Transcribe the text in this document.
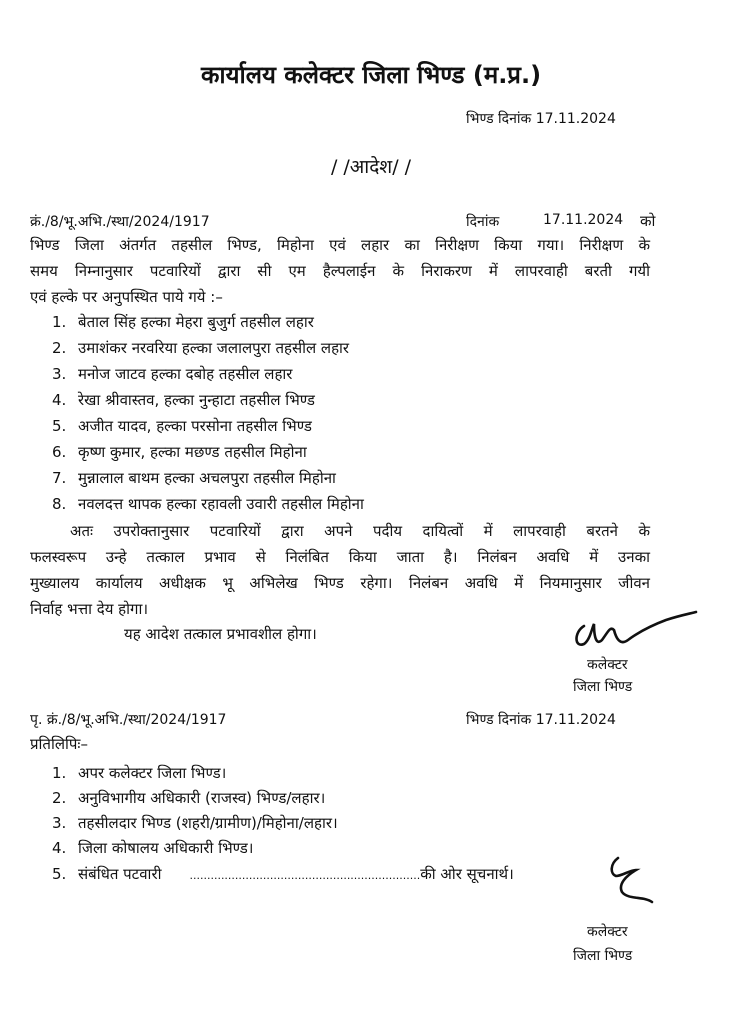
कार्यालय कलेक्टर जिला भिण्ड (म.प्र.)
भिण्ड दिनांक 17.11.2024
/ /आदेश/ /
क्रं./8/भू.अभि./स्था/2024/1917	दिनांक	17.11.2024 को
भिण्ड जिला अंतर्गत तहसील भिण्ड, मिहोना एवं लहार का निरीक्षण किया गया। निरीक्षण के
समय निम्नानुसार पटवारियों द्वारा सी एम हैल्पलाईन के निराकरण में लापरवाही बरती गयी
एवं हल्के पर अनुपस्थित पाये गये :–
1. बेताल सिंह हल्का मेहरा बुजुर्ग तहसील लहार
2. उमाशंकर नरवरिया हल्का जलालपुरा तहसील लहार
3. मनोज जाटव हल्का दबोह तहसील लहार
4. रेखा श्रीवास्तव, हल्का नुन्हाटा तहसील भिण्ड
5. अजीत यादव, हल्का परसोना तहसील भिण्ड
6. कृष्ण कुमार, हल्का मछण्ड तहसील मिहोना
7. मुन्नालाल बाथम हल्का अचलपुरा तहसील मिहोना
8. नवलदत्त थापक हल्का रहावली उवारी तहसील मिहोना
अतः उपरोक्तानुसार पटवारियों द्वारा अपने पदीय दायित्वों में लापरवाही बरतने के
फलस्वरूप उन्हे तत्काल प्रभाव से निलंबित किया जाता है। निलंबन अवधि में उनका
मुख्यालय कार्यालय अधीक्षक भू अभिलेख भिण्ड रहेगा। निलंबन अवधि में नियमानुसार जीवन
निर्वाह भत्ता देय होगा।
यह आदेश तत्काल प्रभावशील होगा।
कलेक्टर
जिला भिण्ड
पृ. क्रं./8/भू.अभि./स्था/2024/1917	भिण्ड दिनांक 17.11.2024
प्रतिलिपिः–
1. अपर कलेक्टर जिला भिण्ड।
2. अनुविभागीय अधिकारी (राजस्व) भिण्ड/लहार।
3. तहसीलदार भिण्ड (शहरी/ग्रामीण)/मिहोना/लहार।
4. जिला कोषालय अधिकारी भिण्ड।
5. संबंधित पटवारी	..................................................................की ओर सूचनार्थ।
कलेक्टर
जिला भिण्ड
